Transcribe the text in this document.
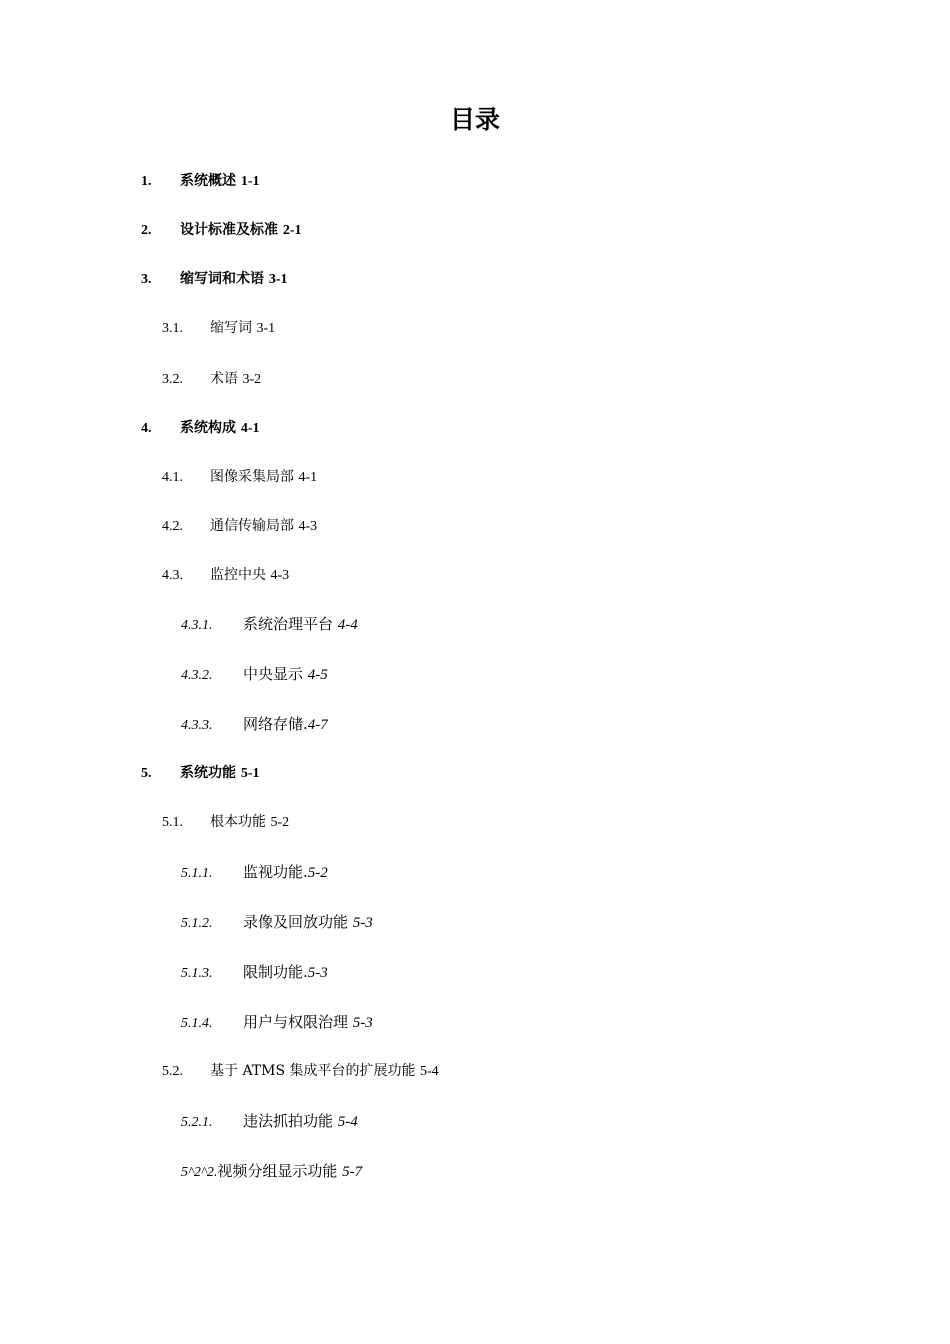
目录
1. 系统概述 1-1
2. 设计标准及标准 2-1
3. 缩写词和术语 3-1
3.1. 缩写词 3-1
3.2. 术语 3-2
4. 系统构成 4-1
4.1. 图像采集局部 4-1
4.2. 通信传输局部 4-3
4.3. 监控中央 4-3
4.3.1. 系统治理平台 4-4
4.3.2. 中央显示 4-5
4.3.3. 网络存储.4-7
5. 系统功能 5-1
5.1. 根本功能 5-2
5.1.1. 监视功能.5-2
5.1.2. 录像及回放功能 5-3
5.1.3. 限制功能.5-3
5.1.4. 用户与权限治理 5-3
5.2. 基于 ATMS 集成平台的扩展功能 5-4
5.2.1. 违法抓拍功能 5-4
5^2^2.视频分组显示功能 5-7
